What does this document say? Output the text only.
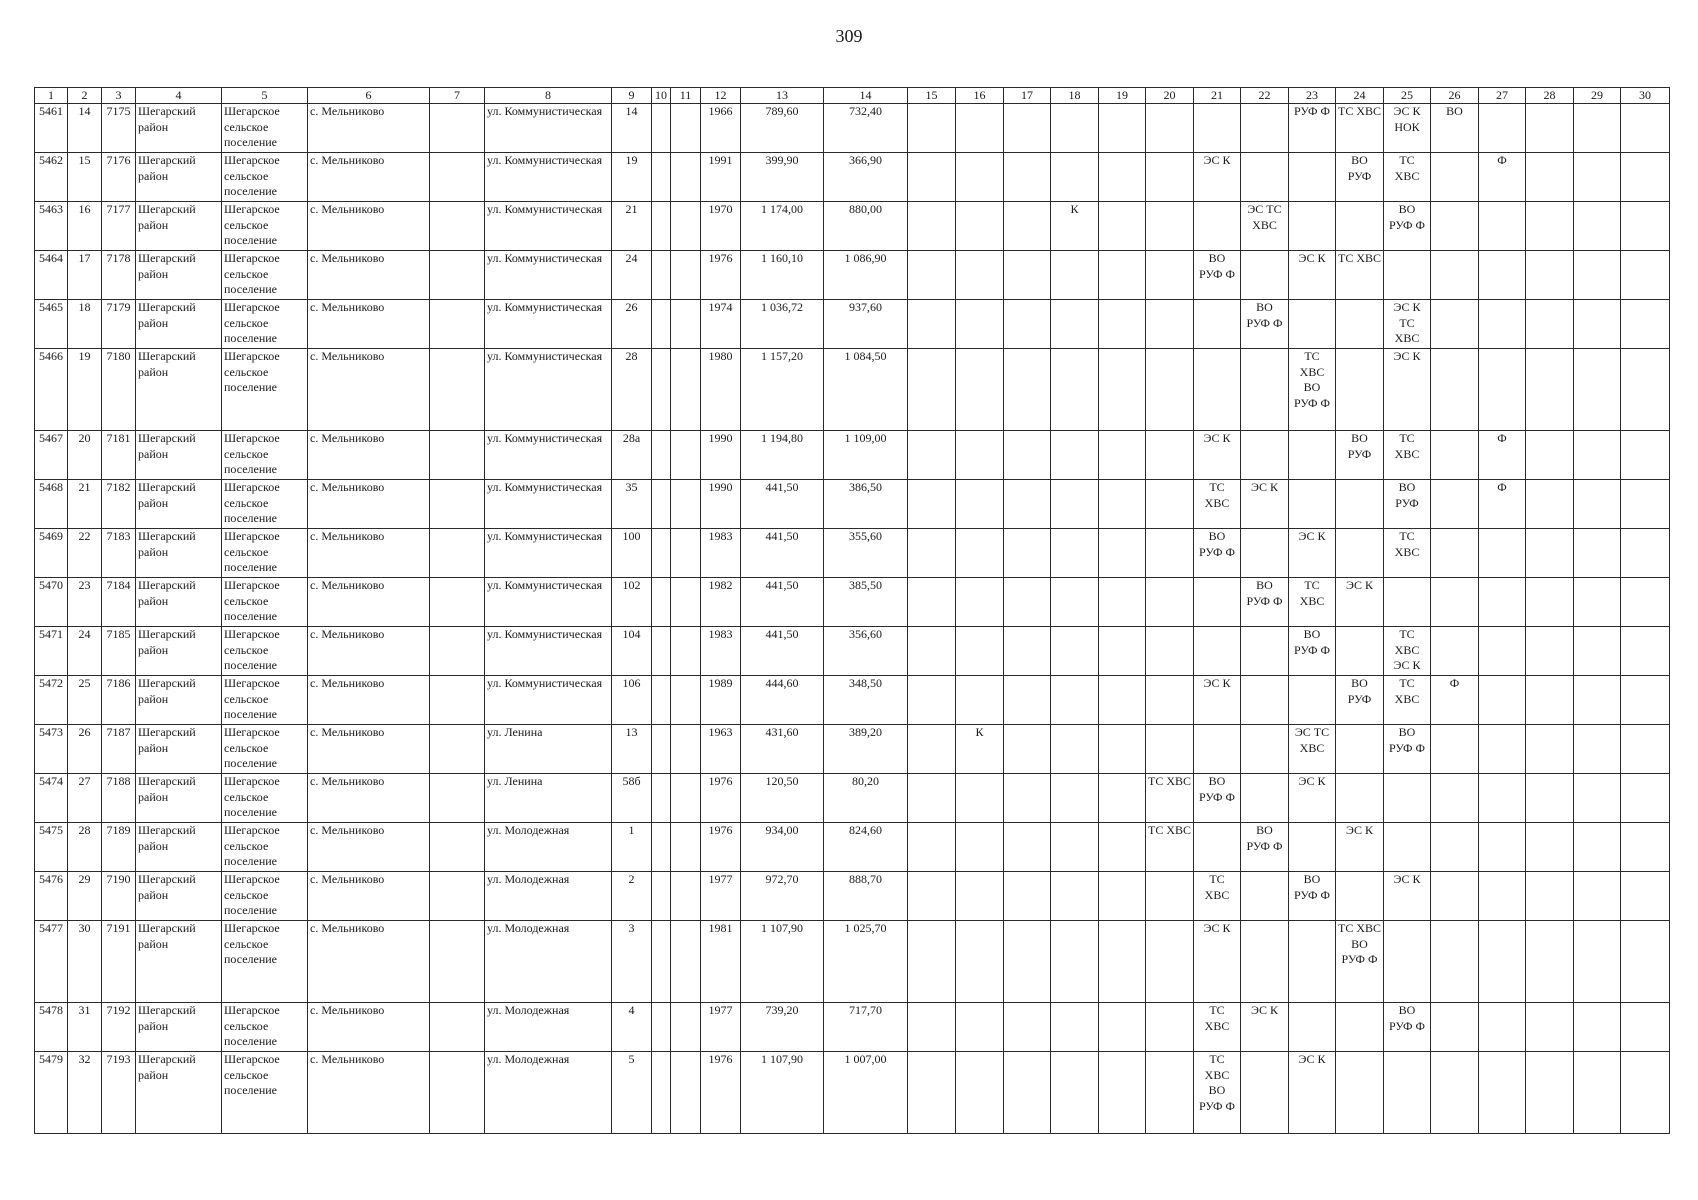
309
1	2	3	4	5	6	7	8	9	10	11	12	13	14	15	16	17	18	19	20	21	22	23	24	25	26	27	28	29	30
5461	14	7175	Шегарский район	Шегарское сельское поселение	с. Мельниково		ул. Коммунистическая	14			1966	789,60	732,40									РУФ Ф	ТС ХВС	ЭС К НОК	ВО				
5462	15	7176	Шегарский район	Шегарское сельское поселение	с. Мельниково		ул. Коммунистическая	19			1991	399,90	366,90							ЭС К			ВО РУФ	ТС ХВС		Ф			
5463	16	7177	Шегарский район	Шегарское сельское поселение	с. Мельниково		ул. Коммунистическая	21			1970	1 174,00	880,00				К				ЭС ТС ХВС			ВО РУФ Ф					
5464	17	7178	Шегарский район	Шегарское сельское поселение	с. Мельниково		ул. Коммунистическая	24			1976	1 160,10	1 086,90							ВО РУФ Ф		ЭС К	ТС ХВС						
5465	18	7179	Шегарский район	Шегарское сельское поселение	с. Мельниково		ул. Коммунистическая	26			1974	1 036,72	937,60								ВО РУФ Ф			ЭС К ТС ХВС					
5466	19	7180	Шегарский район	Шегарское сельское поселение	с. Мельниково		ул. Коммунистическая	28			1980	1 157,20	1 084,50									ТС ХВС ВО РУФ Ф		ЭС К					
5467	20	7181	Шегарский район	Шегарское сельское поселение	с. Мельниково		ул. Коммунистическая	28а			1990	1 194,80	1 109,00							ЭС К			ВО РУФ	ТС ХВС		Ф			
5468	21	7182	Шегарский район	Шегарское сельское поселение	с. Мельниково		ул. Коммунистическая	35			1990	441,50	386,50							ТС ХВС	ЭС К			ВО РУФ		Ф			
5469	22	7183	Шегарский район	Шегарское сельское поселение	с. Мельниково		ул. Коммунистическая	100			1983	441,50	355,60							ВО РУФ Ф		ЭС К		ТС ХВС					
5470	23	7184	Шегарский район	Шегарское сельское поселение	с. Мельниково		ул. Коммунистическая	102			1982	441,50	385,50								ВО РУФ Ф	ТС ХВС	ЭС К						
5471	24	7185	Шегарский район	Шегарское сельское поселение	с. Мельниково		ул. Коммунистическая	104			1983	441,50	356,60									ВО РУФ Ф		ТС ХВС ЭС К					
5472	25	7186	Шегарский район	Шегарское сельское поселение	с. Мельниково		ул. Коммунистическая	106			1989	444,60	348,50							ЭС К			ВО РУФ	ТС ХВС	Ф				
5473	26	7187	Шегарский район	Шегарское сельское поселение	с. Мельниково		ул. Ленина	13			1963	431,60	389,20		К							ЭС ТС ХВС		ВО РУФ Ф					
5474	27	7188	Шегарский район	Шегарское сельское поселение	с. Мельниково		ул. Ленина	58б			1976	120,50	80,20						ТС ХВС	ВО РУФ Ф		ЭС К							
5475	28	7189	Шегарский район	Шегарское сельское поселение	с. Мельниково		ул. Молодежная	1			1976	934,00	824,60						ТС ХВС		ВО РУФ Ф		ЭС К						
5476	29	7190	Шегарский район	Шегарское сельское поселение	с. Мельниково		ул. Молодежная	2			1977	972,70	888,70							ТС ХВС		ВО РУФ Ф		ЭС К					
5477	30	7191	Шегарский район	Шегарское сельское поселение	с. Мельниково		ул. Молодежная	3			1981	1 107,90	1 025,70							ЭС К			ТС ХВС ВО РУФ Ф						
5478	31	7192	Шегарский район	Шегарское сельское поселение	с. Мельниково		ул. Молодежная	4			1977	739,20	717,70							ТС ХВС	ЭС К			ВО РУФ Ф					
5479	32	7193	Шегарский район	Шегарское сельское поселение	с. Мельниково		ул. Молодежная	5			1976	1 107,90	1 007,00							ТС ХВС ВО РУФ Ф		ЭС К							
